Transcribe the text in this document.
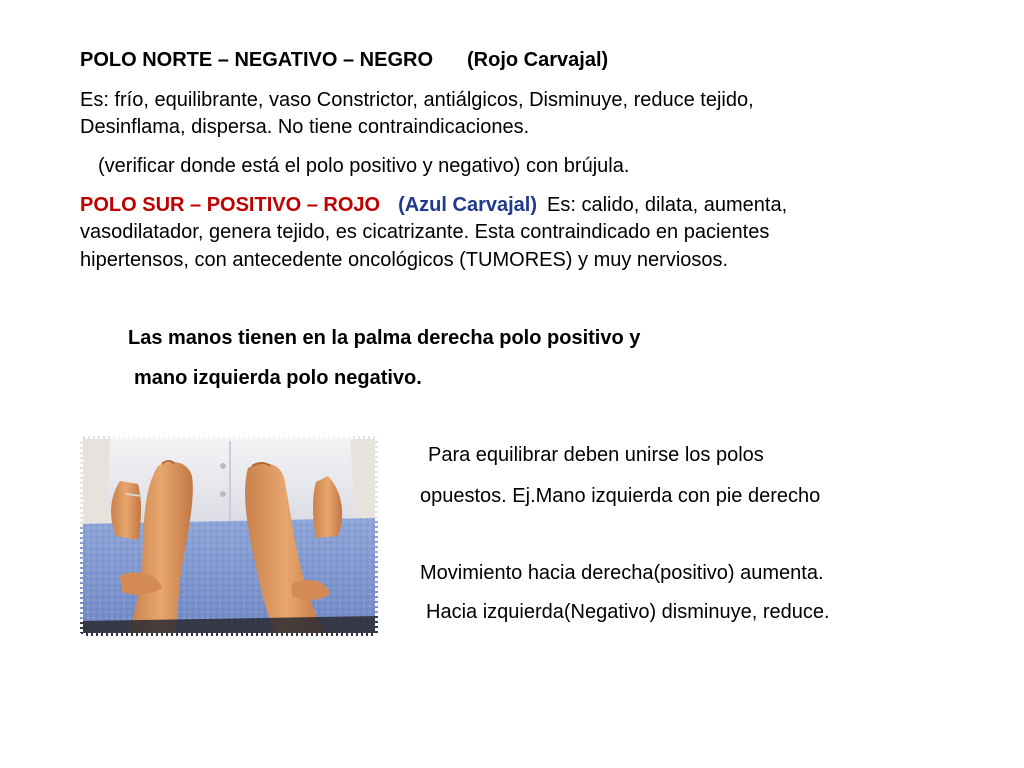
POLO NORTE – NEGATIVO – NEGRO (Rojo Carvajal)
Es: frío, equilibrante, vaso Constrictor, antiálgicos, Disminuye, reduce tejido,
Desinflama, dispersa. No tiene contraindicaciones.
(verificar donde está el polo positivo y negativo) con brújula.
POLO SUR – POSITIVO – ROJO (Azul Carvajal) Es: calido, dilata, aumenta,
vasodilatador, genera tejido, es cicatrizante. Esta contraindicado en pacientes
hipertensos, con antecedente oncológicos (TUMORES) y muy nerviosos.
Las manos tienen en la palma derecha polo positivo y
mano izquierda polo negativo.
Para equilibrar deben unirse los polos
opuestos. Ej.Mano izquierda con pie derecho
Movimiento hacia derecha(positivo) aumenta.
Hacia izquierda(Negativo) disminuye, reduce.
